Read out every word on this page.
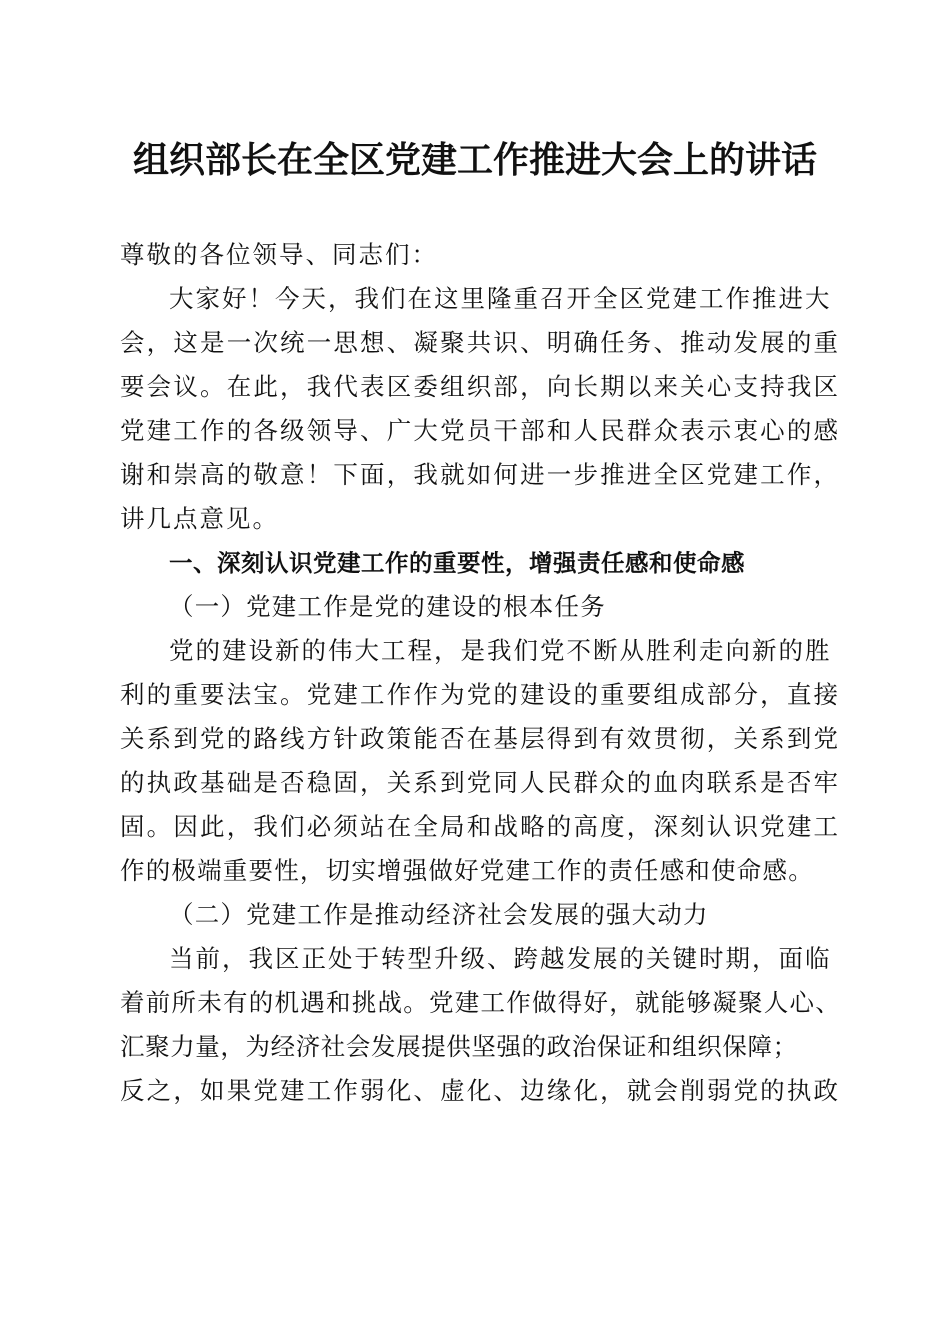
组织部长在全区党建工作推进大会上的讲话
尊敬的各位领导、同志们：
大家好！今天，我们在这里隆重召开全区党建工作推进大
会，这是一次统一思想、凝聚共识、明确任务、推动发展的重
要会议。在此，我代表区委组织部，向长期以来关心支持我区
党建工作的各级领导、广大党员干部和人民群众表示衷心的感
谢和崇高的敬意！下面，我就如何进一步推进全区党建工作，
讲几点意见。
一、深刻认识党建工作的重要性，增强责任感和使命感
（一）党建工作是党的建设的根本任务
党的建设新的伟大工程，是我们党不断从胜利走向新的胜
利的重要法宝。党建工作作为党的建设的重要组成部分，直接
关系到党的路线方针政策能否在基层得到有效贯彻，关系到党
的执政基础是否稳固，关系到党同人民群众的血肉联系是否牢
固。因此，我们必须站在全局和战略的高度，深刻认识党建工
作的极端重要性，切实增强做好党建工作的责任感和使命感。
（二）党建工作是推动经济社会发展的强大动力
当前，我区正处于转型升级、跨越发展的关键时期，面临
着前所未有的机遇和挑战。党建工作做得好，就能够凝聚人心、
汇聚力量，为经济社会发展提供坚强的政治保证和组织保障；
反之，如果党建工作弱化、虚化、边缘化，就会削弱党的执政
